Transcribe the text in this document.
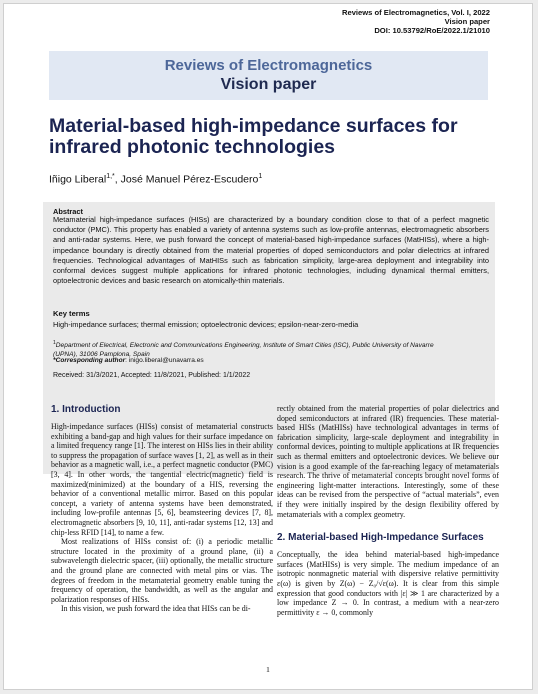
Reviews of Electromagnetics, Vol. I, 2022
Vision paper
DOI: 10.53792/RoE/2022.1/21010
Reviews of Electromagnetics
Vision paper
Material-based high-impedance surfaces for infrared photonic technologies
Iñigo Liberal$^{1,*}$, José Manuel Pérez-Escudero$^1$
Abstract
Metamaterial high-impedance surfaces (HISs) are characterized by a boundary condition close to that of a perfect magnetic conductor (PMC). This property has enabled a variety of antenna systems such as low-profile antennas, electromagnetic absorbers and anti-radar systems. Here, we push forward the concept of material-based high-impedance surfaces (MatHISs), where a high-impedance boundary is directly obtained from the material properties of doped semiconductors and polar dielectrics at infrared frequencies. Technological advantages of MatHISs such as fabrication simplicity, large-area deployment and integrability into conformal devices suggest multiple applications for infrared photonic technologies, including dynamical thermal emitters, optoelectronic devices and basic research on atomically-thin materials.
Key terms
High-impedance surfaces; thermal emission; optoelectronic devices; epsilon-near-zero-media
$^1$Department of Electrical, Electronic and Communications Engineering, Institute of Smart Cities (ISC), Public University of Navarre (UPNA), 31006 Pamplona, Spain
*Corresponding author: inigo.liberal@unavarra.es
Received: 31/3/2021, Accepted: 11/8/2021, Published: 1/1/2022
1. Introduction

High-impedance surfaces (HISs) consist of metamaterial constructs exhibiting a band-gap and high values for their surface impedance on a limited frequency range [1]. The interest on HISs lies in their ability to suppress the propagation of surface waves [1, 2], as well as in their behavior as a magnetic wall, i.e., a perfect magnetic conductor (PMC) [3, 4]. In other words, the tangential electric(magnetic) field is maximized(minimized) at the boundary of a HIS, reversing the behavior of a conventional metallic mirror. Based on this popular concept, a variety of antenna systems have been demonstrated, including low-profile antennas [5, 6], beamsteering devices [7, 8], electromagnetic absorbers [9, 10, 11], anti-radar systems [12, 13] and chip-less RFID [14], to name a few.

Most realizations of HISs consist of: (i) a periodic metallic structure located in the proximity of a ground plane, (ii) a subwavelength dielectric spacer, (iii) optionally, the metallic structure and the ground plane are connected with metal pins or vias. The degrees of freedom in the metamaterial geometry enable tuning the frequency of operation, the bandwidth, as well as the angular and polarization responses of HISs.

In this vision, we push forward the idea that HISs can be di-

rectly obtained from the material properties of polar dielectrics and doped semiconductors at infrared (IR) frequencies. These material-based HISs (MatHISs) have technological advantages in terms of fabrication simplicity, large-scale deployment and integrability in conformal devices, pointing to multiple applications at IR frequencies such as thermal emitters and optoelectronic devices. We believe our vision is a good example of the far-reaching legacy of metamaterials research. The thrive of metamaterial concepts brought novel forms of engineering light-matter interactions. Interestingly, some of these ideas can be revised from the perspective of “actual materials”, even if they were initially inspired by the design flexibility offered by metamaterials with a complex geometry.

2. Material-based High-Impedance Surfaces

Conceptually, the idea behind material-based high-impedance surfaces (MatHISs) is very simple. The medium impedance of an isotropic nonmagnetic material with dispersive relative permittivity ε(ω) is given by Z(ω) − Z₀/√ε(ω). It is clear from this simple expression that good conductors with |ε| ≫ 1 are characterized by a low impedance Z → 0. In contrast, a medium with a near-zero permittivity ε → 0, commonly

1
